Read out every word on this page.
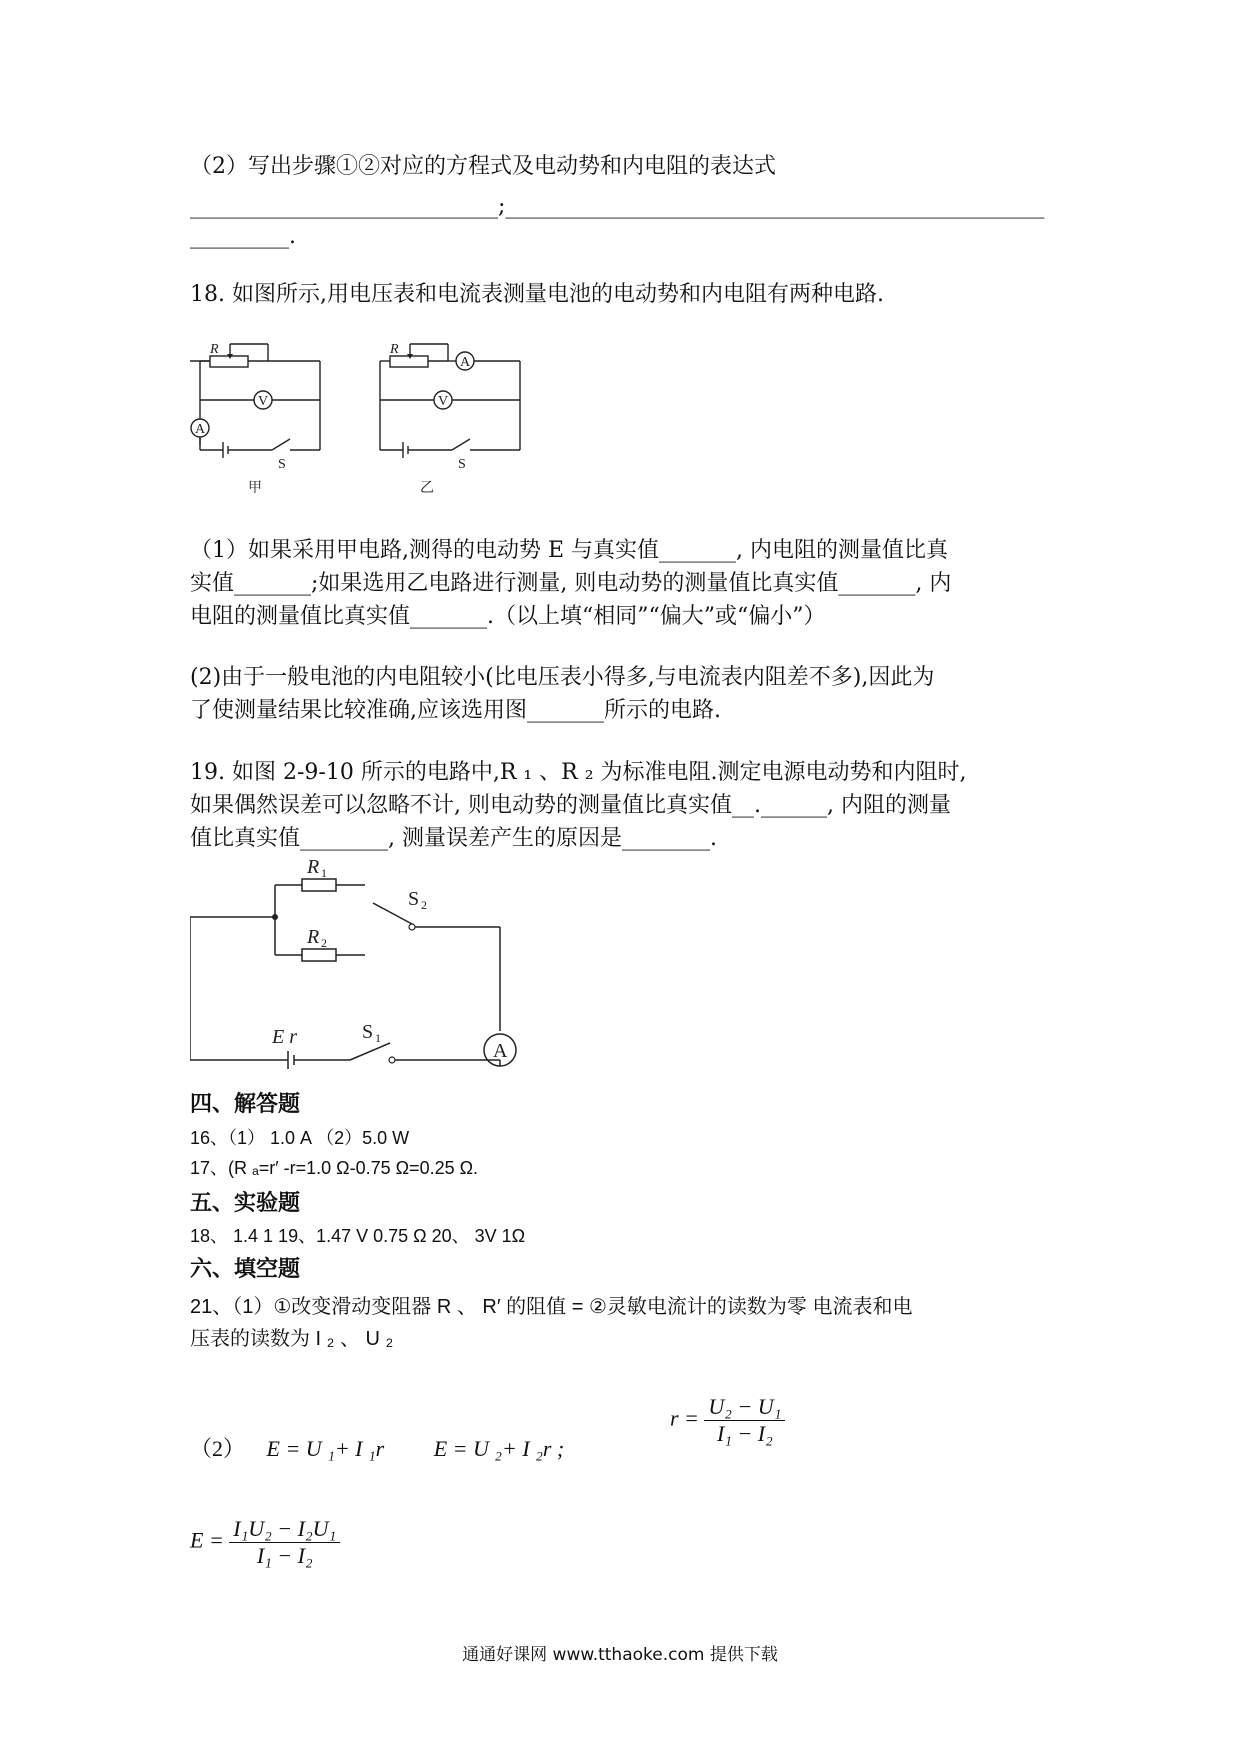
（2）写出步骤①②对应的方程式及电动势和内电阻的表达式
____________________________;_________________________________________________
_________.
18. 如图所示,用电压表和电流表测量电池的电动势和内电阻有两种电路.
R
V
A
S
甲
R
A
V
S
乙
（1）如果采用甲电路,测得的电动势 E 与真实值_______, 内电阻的测量值比真
实值_______;如果选用乙电路进行测量, 则电动势的测量值比真实值_______, 内
电阻的测量值比真实值_______.（以上填“相同”“偏大”或“偏小”）
(2)由于一般电池的内电阻较小(比电压表小得多,与电流表内阻差不多),因此为
了使测量结果比较准确,应该选用图_______所示的电路.
19. 如图 2-9-10 所示的电路中,R ₁ 、R ₂ 为标准电阻.测定电源电动势和内阻时,
如果偶然误差可以忽略不计, 则电动势的测量值比真实值__.______, 内阻的测量
值比真实值________, 测量误差产生的原因是________.
R 1
R 2
S 2
S 1
A
E r
四、解答题
16、（1） 1.0 A （2）5.0 W
17、(R ₐ=r′ -r=1.0 Ω-0.75 Ω=0.25 Ω.
五、实验题
18、 1.4 1 19、1.47 V 0.75 Ω 20、 3V 1Ω
六、填空题
21、（1）①改变滑动变阻器 R 、 R′ 的阻值 = ②灵敏电流计的读数为零 电流表和电
压表的读数为 I ₂ 、 U ₂
$r = \frac{\text{U₂ − U₁}}{\text{I₁ − I₂}}$
（2） E = U ₁+ I ₁r E = U ₂+ I ₂r ;
$E = \frac{\text{I₁U₂ − I₂U₁}}{\text{I₁ − I₂}}$
通通好课网 www.tthaoke.com 提供下载
